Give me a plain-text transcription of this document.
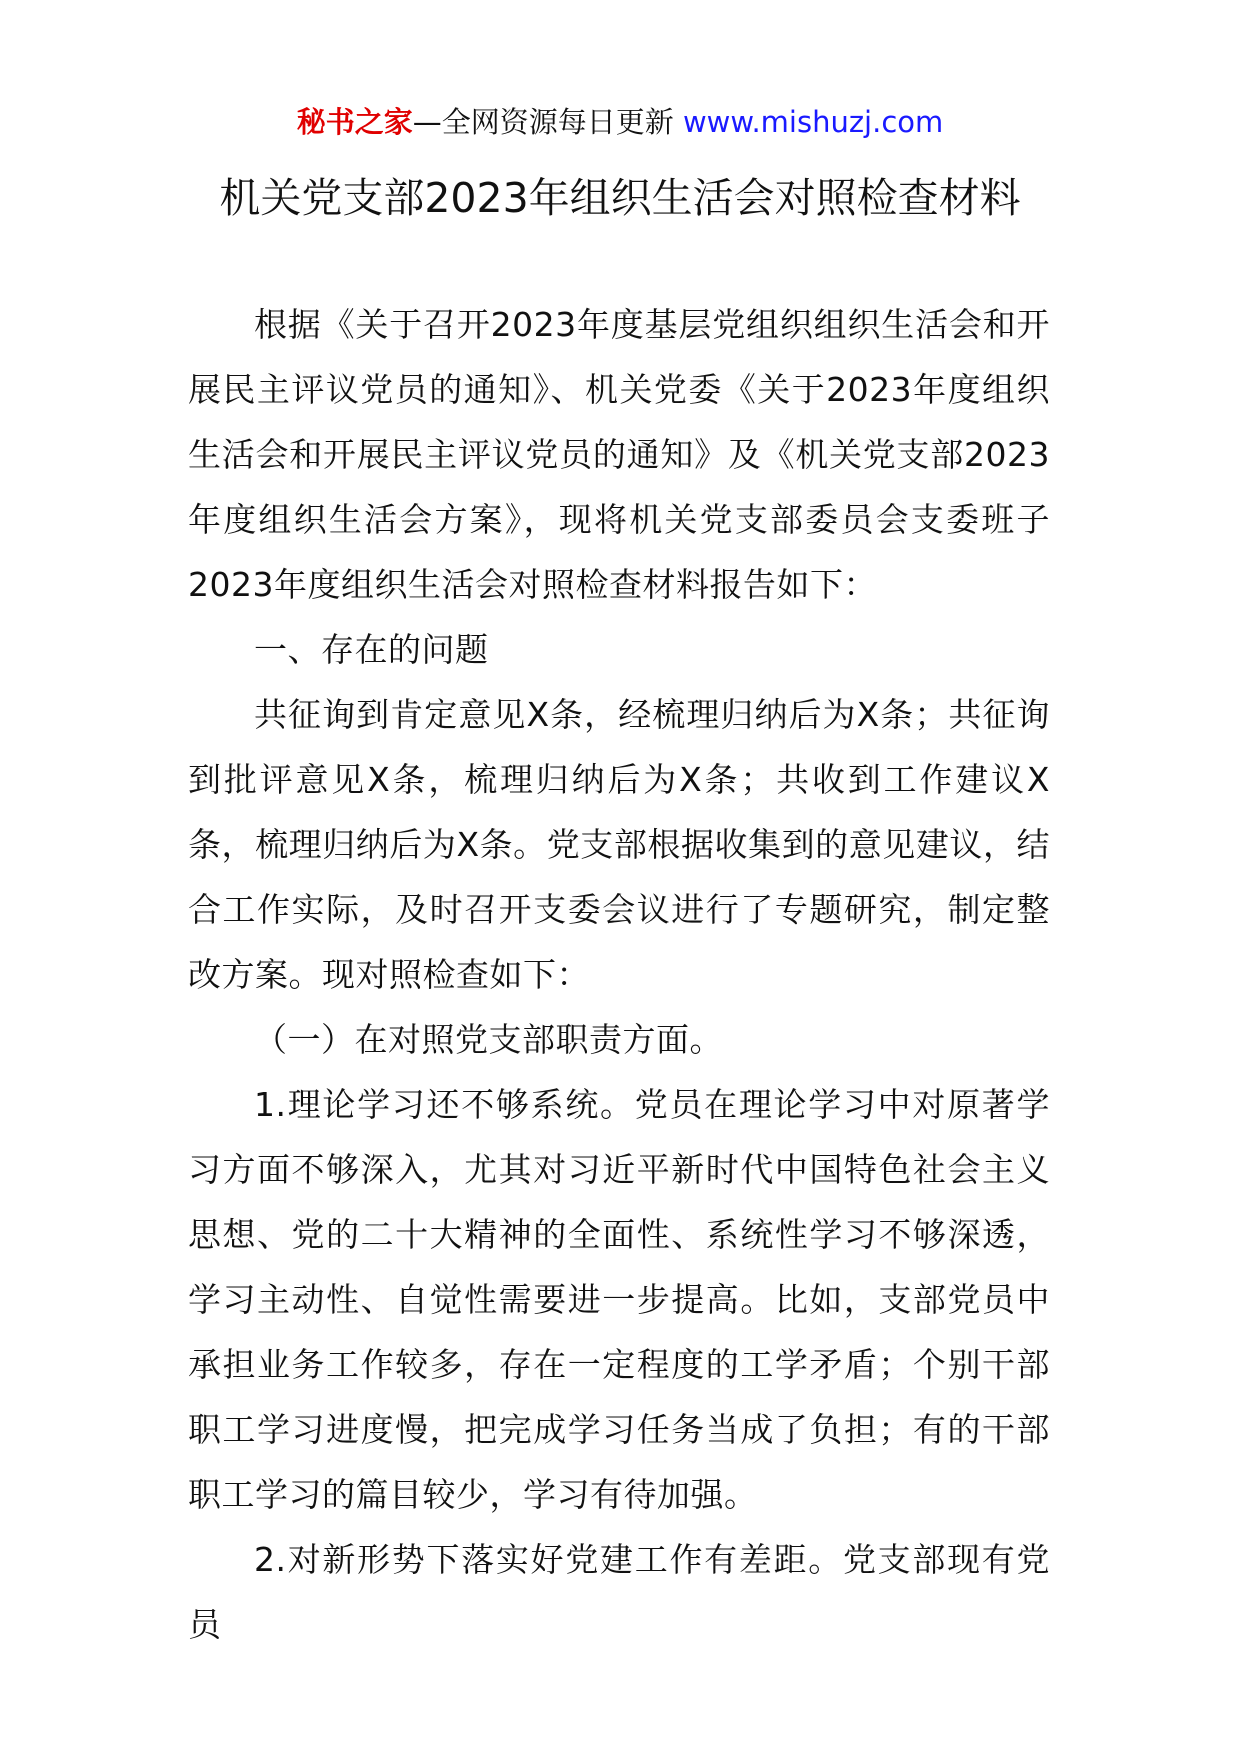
秘书之家—全网资源每日更新 www.mishuzj.com
机关党支部2023年组织生活会对照检查材料

根据《关于召开2023年度基层党组织组织生活会和开展民主评议党员的通知》、机关党委《关于2023年度组织生活会和开展民主评议党员的通知》及《机关党支部2023年度组织生活会方案》，现将机关党支部委员会支委班子2023年度组织生活会对照检查材料报告如下：

一、存在的问题

共征询到肯定意见X条，经梳理归纳后为X条；共征询到批评意见X条，梳理归纳后为X条；共收到工作建议X条，梳理归纳后为X条。党支部根据收集到的意见建议，结合工作实际，及时召开支委会议进行了专题研究，制定整改方案。现对照检查如下：

（一）在对照党支部职责方面。

1.理论学习还不够系统。党员在理论学习中对原著学习方面不够深入，尤其对习近平新时代中国特色社会主义思想、党的二十大精神的全面性、系统性学习不够深透，学习主动性、自觉性需要进一步提高。比如，支部党员中承担业务工作较多，存在一定程度的工学矛盾；个别干部职工学习进度慢，把完成学习任务当成了负担；有的干部职工学习的篇目较少，学习有待加强。

2.对新形势下落实好党建工作有差距。党支部现有党员
